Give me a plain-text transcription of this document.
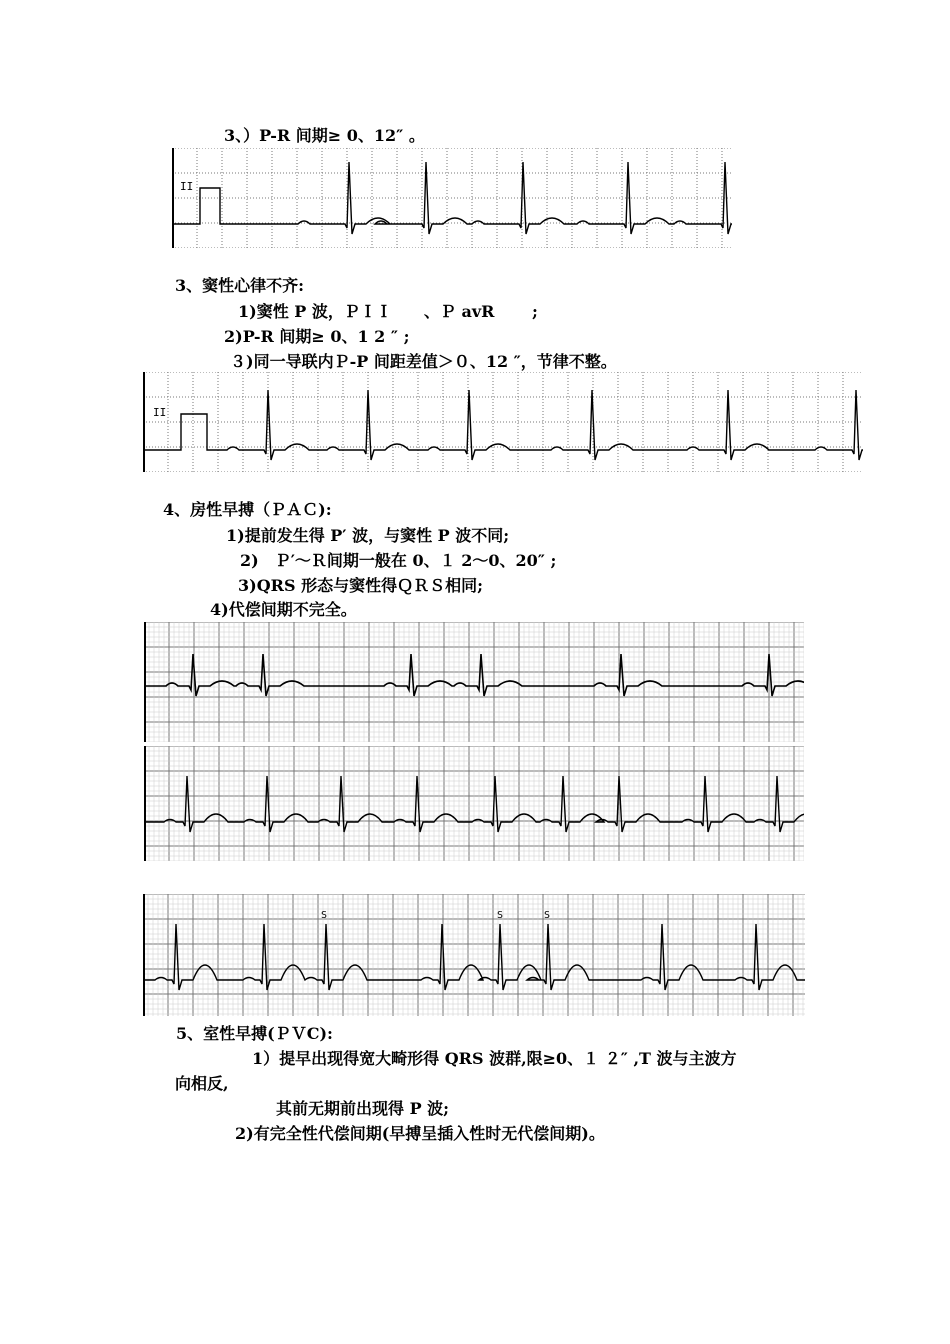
3、）P-R 间期≥ 0、12″ 。
II
3、窦性心律不齐:
1)窦性 P 波，ＰＩＩ　　、Ｐ avR　　 ;
2)P-R 间期≥ 0、1 2 ″ ;
３)同一导联内Ｐ-P 间距差值＞０、12 ″，节律不整。
II
4、房性早搏（ＰＡＣ):
1)提前发生得 P′ 波，与窦性 P 波不同;
2)　Ｐ′～Ｒ间期一般在 0、１ 2～0、20″ ;
3)QRS 形态与窦性得ＱＲＳ相同;
4)代偿间期不完全。
S	S	S
5、室性早搏(ＰＶC):
1）提早出现得宽大畸形得 QRS 波群,限≥0、１ ２″ ,T 波与主波方
向相反,
其前无期前出现得 P 波;
2)有完全性代偿间期(早搏呈插入性时无代偿间期)。
